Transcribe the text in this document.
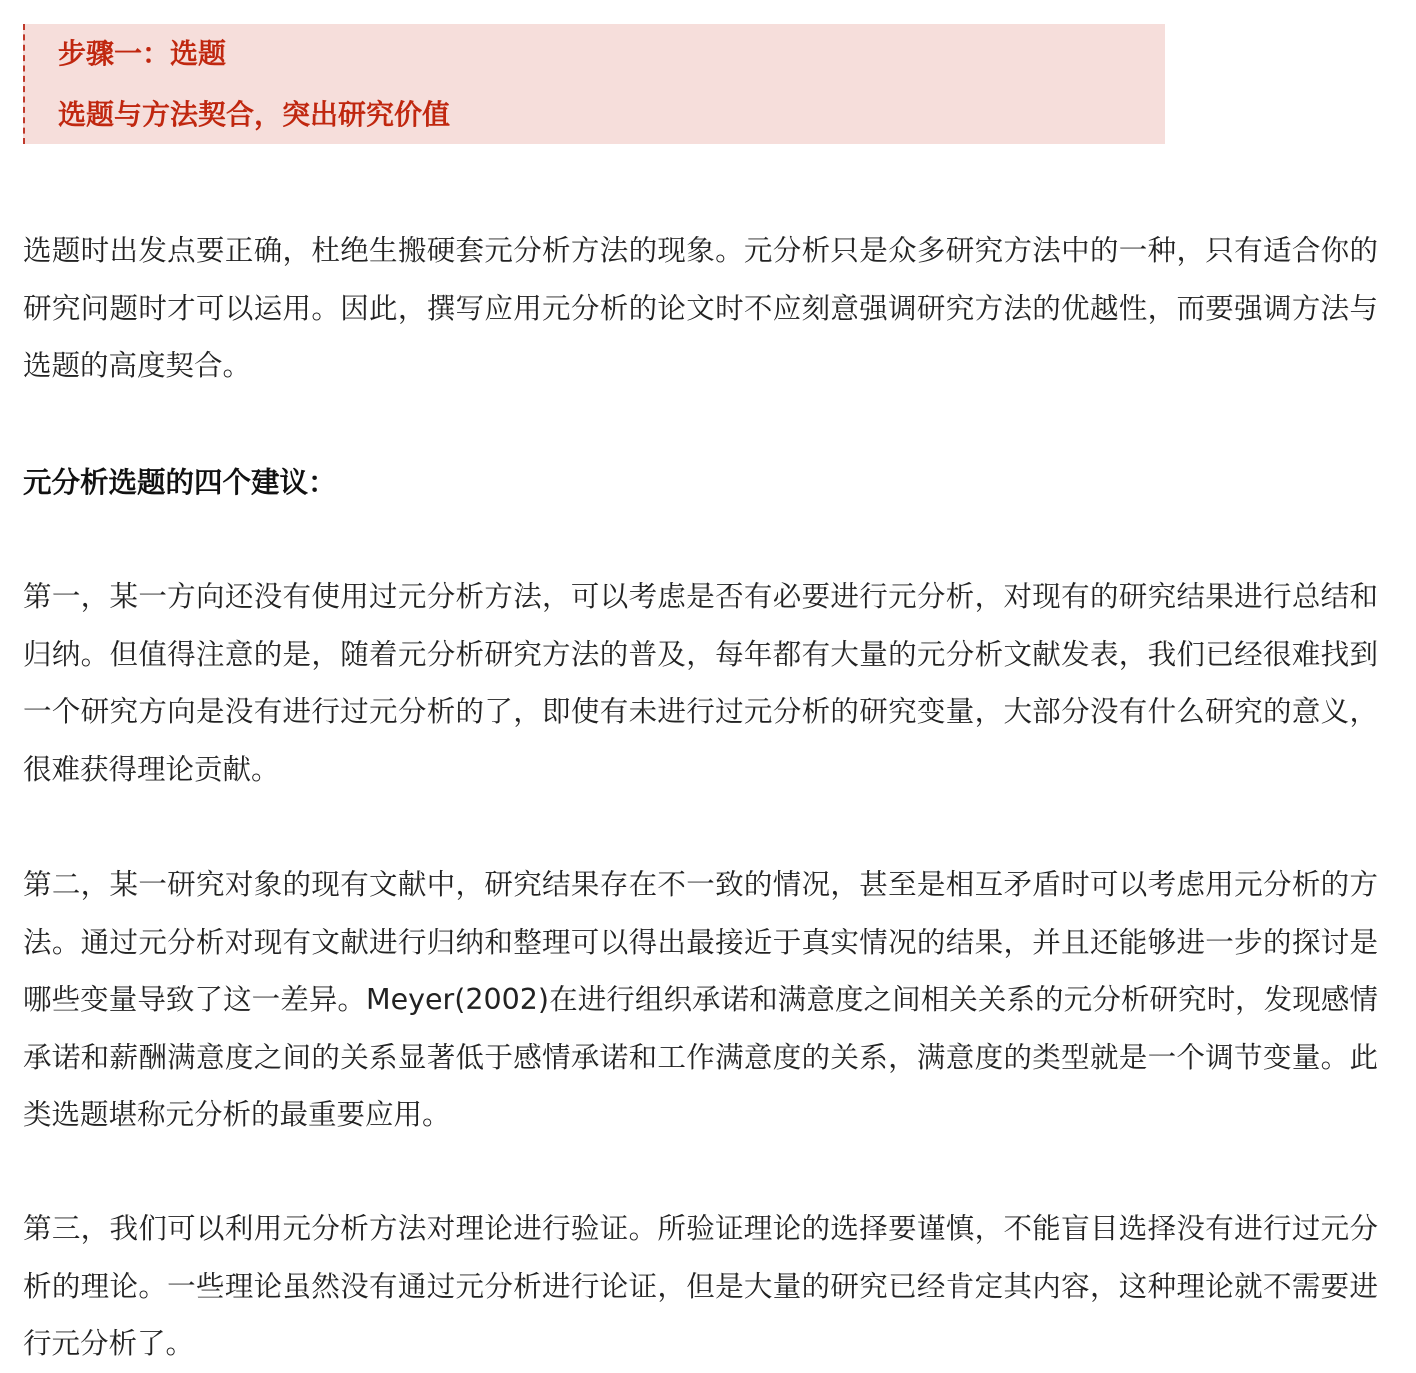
步骤一：选题
选题与方法契合，突出研究价值

选题时出发点要正确，杜绝生搬硬套元分析方法的现象。元分析只是众多研究方法中的一种，只有适合你的研究问题时才可以运用。因此，撰写应用元分析的论文时不应刻意强调研究方法的优越性，而要强调方法与选题的高度契合。

元分析选题的四个建议：

第一，某一方向还没有使用过元分析方法，可以考虑是否有必要进行元分析，对现有的研究结果进行总结和归纳。但值得注意的是，随着元分析研究方法的普及，每年都有大量的元分析文献发表，我们已经很难找到一个研究方向是没有进行过元分析的了，即使有未进行过元分析的研究变量，大部分没有什么研究的意义，很难获得理论贡献。

第二，某一研究对象的现有文献中，研究结果存在不一致的情况，甚至是相互矛盾时可以考虑用元分析的方法。通过元分析对现有文献进行归纳和整理可以得出最接近于真实情况的结果，并且还能够进一步的探讨是哪些变量导致了这一差异。Meyer(2002)在进行组织承诺和满意度之间相关关系的元分析研究时，发现感情承诺和薪酬满意度之间的关系显著低于感情承诺和工作满意度的关系，满意度的类型就是一个调节变量。此类选题堪称元分析的最重要应用。

第三，我们可以利用元分析方法对理论进行验证。所验证理论的选择要谨慎，不能盲目选择没有进行过元分析的理论。一些理论虽然没有通过元分析进行论证，但是大量的研究已经肯定其内容，这种理论就不需要进行元分析了。
